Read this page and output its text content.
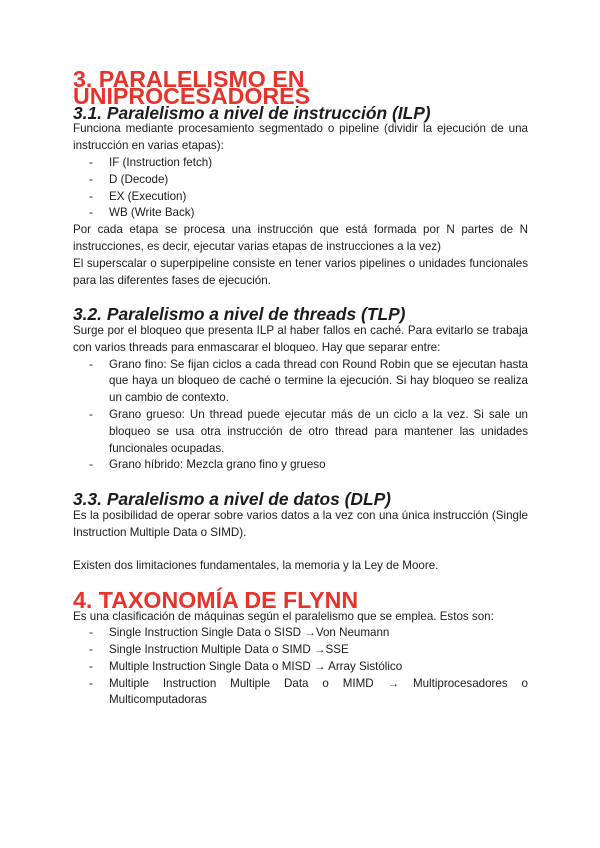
3. PARALELISMO EN UNIPROCESADORES
3.1. Paralelismo a nivel de instrucción (ILP)

Funciona mediante procesamiento segmentado o pipeline (dividir la ejecución de una instrucción en varias etapas):

- IF (Instruction fetch)
- D (Decode)
- EX (Execution)
- WB (Write Back)

Por cada etapa se procesa una instrucción que está formada por N partes de N instrucciones, es decir, ejecutar varias etapas de instrucciones a la vez)

El superscalar o superpipeline consiste en tener varios pipelines o unidades funcionales para las diferentes fases de ejecución.

3.2. Paralelismo a nivel de threads (TLP)

Surge por el bloqueo que presenta ILP al haber fallos en caché. Para evitarlo se trabaja con varios threads para enmascarar el bloqueo. Hay que separar entre:

- Grano fino: Se fijan ciclos a cada thread con Round Robin que se ejecutan hasta que haya un bloqueo de caché o termine la ejecución. Si hay bloqueo se realiza un cambio de contexto.
- Grano grueso: Un thread puede ejecutar más de un ciclo a la vez. Si sale un bloqueo se usa otra instrucción de otro thread para mantener las unidades funcionales ocupadas.
- Grano híbrido: Mezcla grano fino y grueso
3.3. Paralelismo a nivel de datos (DLP)

Es la posibilidad de operar sobre varios datos a la vez con una única instrucción (Single Instruction Multiple Data o SIMD).

Existen dos limitaciones fundamentales, la memoria y la Ley de Moore.

4. TAXONOMÍA DE FLYNN

Es una clasificación de máquinas según el paralelismo que se emplea. Estos son:

- Single Instruction Single Data o SISD →Von Neumann
- Single Instruction Multiple Data o SIMD →SSE
- Multiple Instruction Single Data o MISD → Array Sistólico
- Multiple Instruction Multiple Data o MIMD → Multiprocesadores o Multicomputadoras
